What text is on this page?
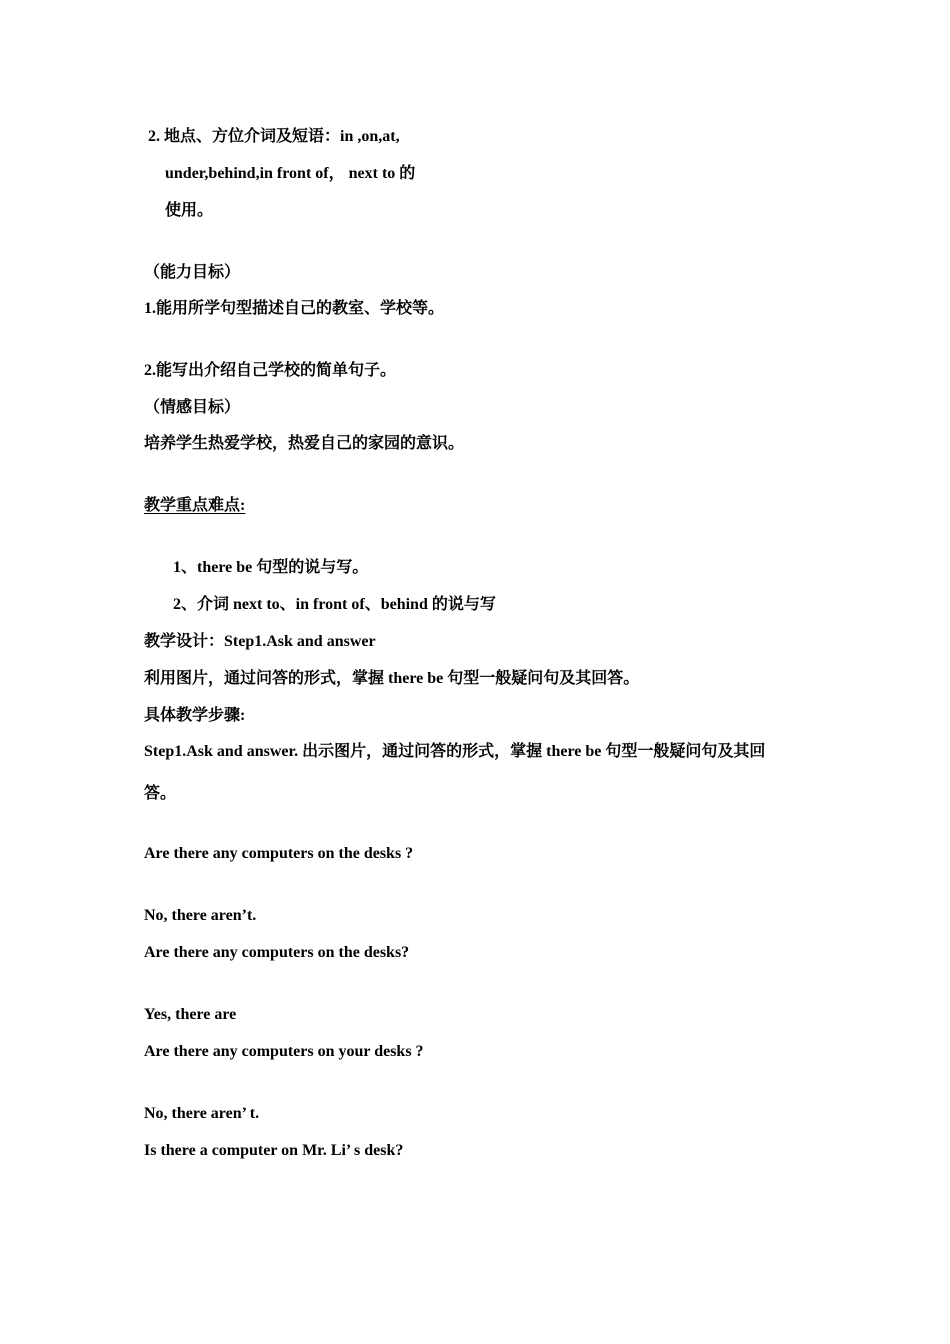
2. 地点、方位介词及短语：in ,on,at,

under,behind,in front of， next to 的

使用。

（能力目标）

1.能用所学句型描述自己的教室、学校等。

2.能写出介绍自己学校的简单句子。

（情感目标）

培养学生热爱学校，热爱自己的家园的意识。

教学重点难点:

1、there be 句型的说与写。

2、介词 next to、in front of、behind 的说与写

教学设计：Step1.Ask and answer

利用图片，通过问答的形式，掌握 there be 句型一般疑问句及其回答。

具体教学步骤:

Step1.Ask and answer. 出示图片，通过问答的形式，掌握 there be 句型一般疑问句及其回

答。

Are there any computers on the desks ?

No, there aren’t.

Are there any computers on the desks?

Yes, there are

Are there any computers on your desks ?

No, there aren’ t.

Is there a computer on Mr. Li’ s desk?
